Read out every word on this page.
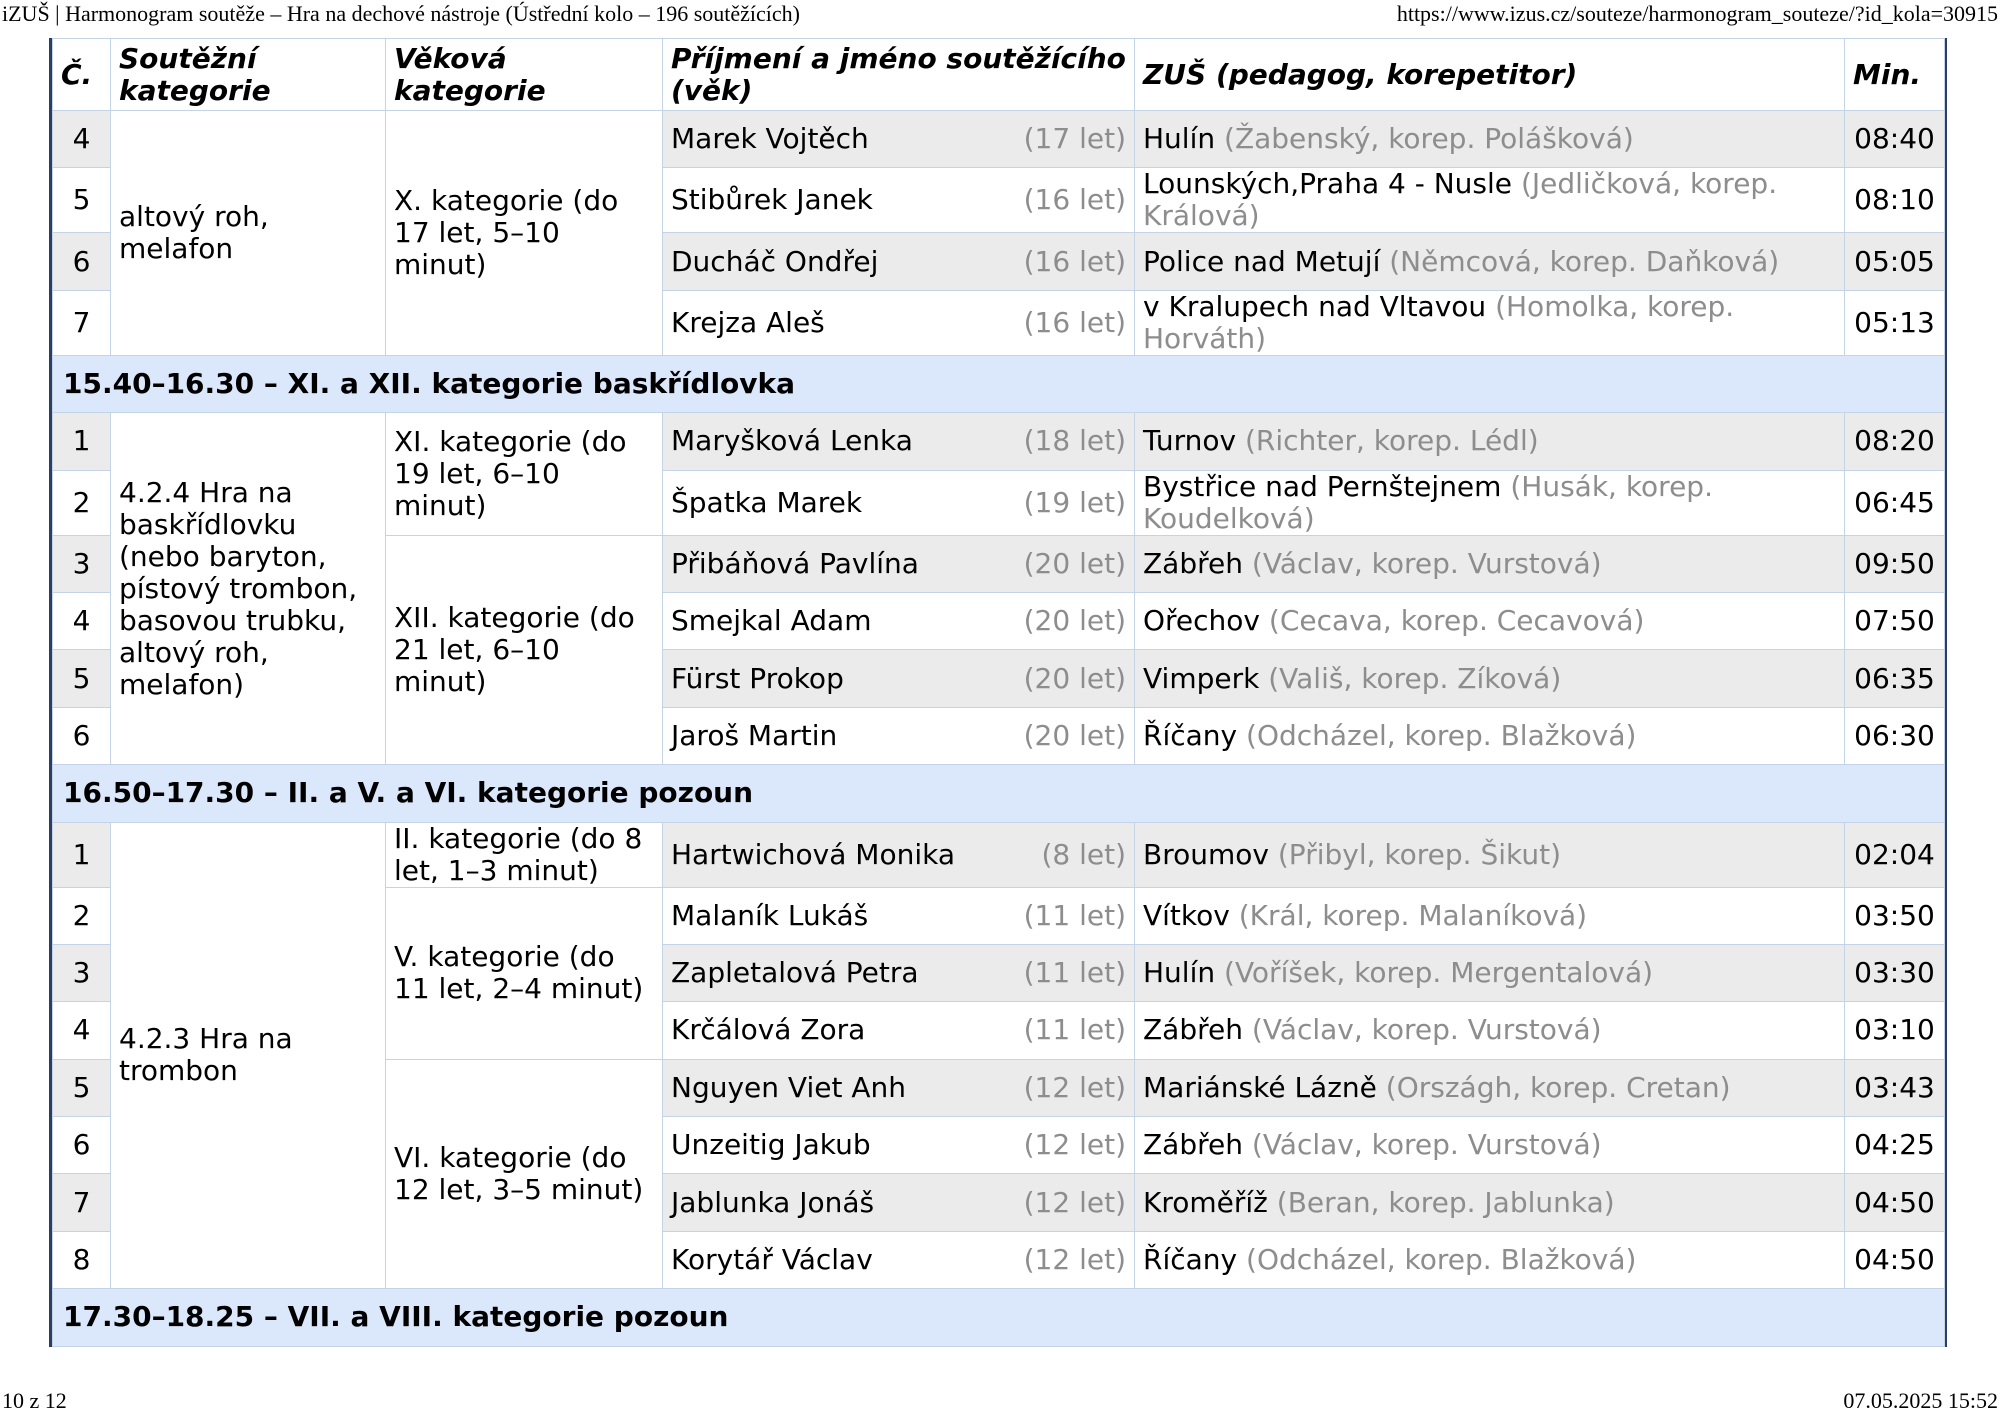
iZUŠ | Harmonogram soutěže – Hra na dechové nástroje (Ústřední kolo – 196 soutěžících)	https://www.izus.cz/souteze/harmonogram_souteze/?id_kola=30915
Č.	Soutěžní kategorie	Věková kategorie	Příjmení a jméno soutěžícího (věk)	ZUŠ (pedagog, korepetitor)	Min.
4	altový roh, melafon	X. kategorie (do 17 let, 5–10 minut)	Marek Vojtěch (17 let)	Hulín (Žabenský, korep. Polášková)	08:40
5			Stibůrek Janek (16 let)	Lounských,Praha 4 - Nusle (Jedličková, korep. Králová)	08:10
6			Ducháč Ondřej (16 let)	Police nad Metují (Němcová, korep. Daňková)	05:05
7			Krejza Aleš (16 let)	v Kralupech nad Vltavou (Homolka, korep. Horváth)	05:13
15.40–16.30 – XI. a XII. kategorie baskřídlovka					
1	4.2.4 Hra na baskřídlovku (nebo baryton, pístový trombon, basovou trubku, altový roh, melafon)	XI. kategorie (do 19 let, 6–10 minut)	Maryšková Lenka (18 let)	Turnov (Richter, korep. Lédl)	08:20
2			Špatka Marek (19 let)	Bystřice nad Pernštejnem (Husák, korep. Koudelková)	06:45
3		XII. kategorie (do 21 let, 6–10 minut)	Přibáňová Pavlína (20 let)	Zábřeh (Václav, korep. Vurstová)	09:50
4			Smejkal Adam (20 let)	Ořechov (Cecava, korep. Cecavová)	07:50
5			Fürst Prokop (20 let)	Vimperk (Vališ, korep. Zíková)	06:35
6			Jaroš Martin (20 let)	Říčany (Odcházel, korep. Blažková)	06:30
16.50–17.30 – II. a V. a VI. kategorie pozoun					
1	4.2.3 Hra na trombon	II. kategorie (do 8 let, 1–3 minut)	Hartwichová Monika (8 let)	Broumov (Přibyl, korep. Šikut)	02:04
2		V. kategorie (do 11 let, 2–4 minut)	Malaník Lukáš (11 let)	Vítkov (Král, korep. Malaníková)	03:50
3			Zapletalová Petra (11 let)	Hulín (Voříšek, korep. Mergentalová)	03:30
4			Krčálová Zora (11 let)	Zábřeh (Václav, korep. Vurstová)	03:10
5		VI. kategorie (do 12 let, 3–5 minut)	Nguyen Viet Anh (12 let)	Mariánské Lázně (Országh, korep. Cretan)	03:43
6			Unzeitig Jakub (12 let)	Zábřeh (Václav, korep. Vurstová)	04:25
7			Jablunka Jonáš (12 let)	Kroměříž (Beran, korep. Jablunka)	04:50
8			Korytář Václav (12 let)	Říčany (Odcházel, korep. Blažková)	04:50
17.30–18.25 – VII. a VIII. kategorie pozoun					
10 z 12	07.05.2025 15:52
